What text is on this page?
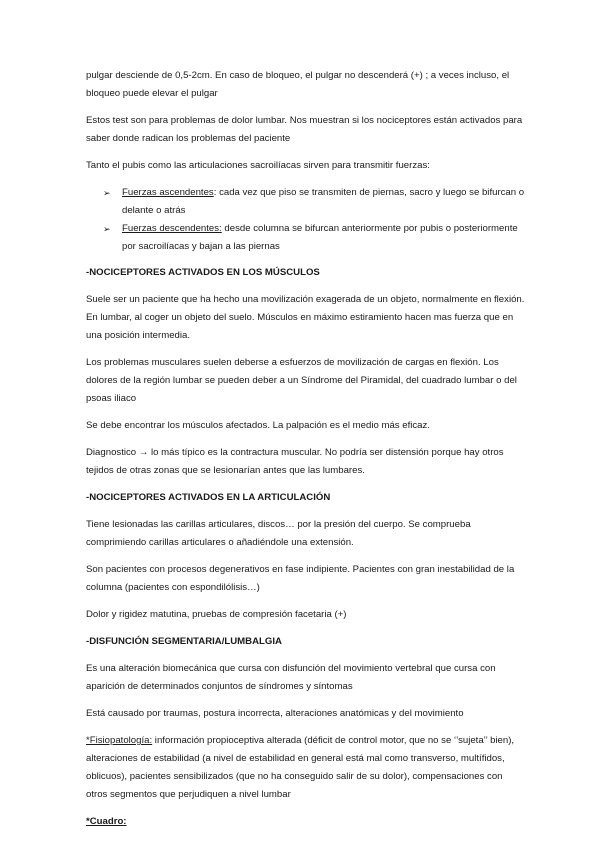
pulgar desciende de 0,5-2cm. En caso de bloqueo, el pulgar no descenderá (+) ; a veces incluso, el bloqueo puede elevar el pulgar

Estos test son para problemas de dolor lumbar. Nos muestran si los nociceptores están activados para saber donde radican los problemas del paciente

Tanto el pubis como las articulaciones sacroilíacas sirven para transmitir fuerzas:

➢ Fuerzas ascendentes: cada vez que piso se transmiten de piernas, sacro y luego se bifurcan o delante o atrás
➢ Fuerzas descendentes: desde columna se bifurcan anteriormente por pubis o posteriormente por sacroilíacas y bajan a las piernas
-NOCICEPTORES ACTIVADOS EN LOS MÚSCULOS

Suele ser un paciente que ha hecho una movilización exagerada de un objeto, normalmente en flexión. En lumbar, al coger un objeto del suelo. Músculos en máximo estiramiento hacen mas fuerza que en una posición intermedia.

Los problemas musculares suelen deberse a esfuerzos de movilización de cargas en flexión. Los dolores de la región lumbar se pueden deber a un Síndrome del Piramidal, del cuadrado lumbar o del psoas iliaco

Se debe encontrar los músculos afectados. La palpación es el medio más eficaz.

Diagnostico → lo más típico es la contractura muscular. No podría ser distensión porque hay otros tejidos de otras zonas que se lesionarían antes que las lumbares.

-NOCICEPTORES ACTIVADOS EN LA ARTICULACIÓN

Tiene lesionadas las carillas articulares, discos… por la presión del cuerpo. Se comprueba comprimiendo carillas articulares o añadiéndole una extensión.

Son pacientes con procesos degenerativos en fase indipiente. Pacientes con gran inestabilidad de la columna (pacientes con espondilólisis…)

Dolor y rigidez matutina, pruebas de compresión facetaria (+)

-DISFUNCIÓN SEGMENTARIA/LUMBALGIA

Es una alteración biomecánica que cursa con disfunción del movimiento vertebral que cursa con aparición de determinados conjuntos de síndromes y síntomas

Está causado por traumas, postura incorrecta, alteraciones anatómicas y del movimiento

*Fisiopatología: información propioceptiva alterada (déficit de control motor, que no se ‘’sujeta’’ bien), alteraciones de estabilidad (a nivel de estabilidad en general está mal como transverso, multífidos, oblicuos), pacientes sensibilizados (que no ha conseguido salir de su dolor), compensaciones con otros segmentos que perjudiquen a nivel lumbar

*Cuadro:
